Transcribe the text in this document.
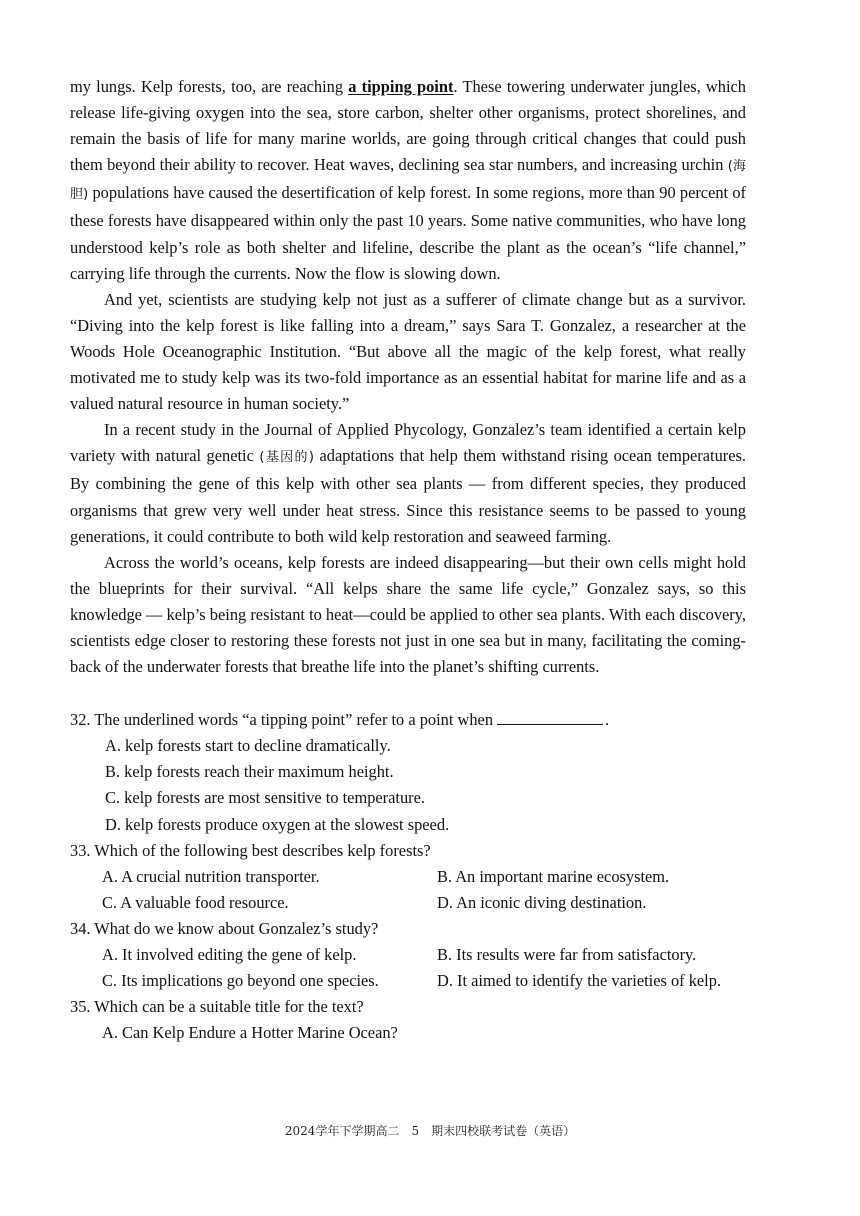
my lungs. Kelp forests, too, are reaching a tipping point. These towering underwater jungles, which release life-giving oxygen into the sea, store carbon, shelter other organisms, protect shorelines, and remain the basis of life for many marine worlds, are going through critical changes that could push them beyond their ability to recover. Heat waves, declining sea star numbers, and increasing urchin (海胆) populations have caused the desertification of kelp forest. In some regions, more than 90 percent of these forests have disappeared within only the past 10 years. Some native communities, who have long understood kelp’s role as both shelter and lifeline, describe the plant as the ocean’s “life channel,” carrying life through the currents. Now the flow is slowing down.

And yet, scientists are studying kelp not just as a sufferer of climate change but as a survivor. “Diving into the kelp forest is like falling into a dream,” says Sara T. Gonzalez, a researcher at the Woods Hole Oceanographic Institution. “But above all the magic of the kelp forest, what really motivated me to study kelp was its two-fold importance as an essential habitat for marine life and as a valued natural resource in human society.”

In a recent study in the Journal of Applied Phycology, Gonzalez’s team identified a certain kelp variety with natural genetic (基因的) adaptations that help them withstand rising ocean temperatures. By combining the gene of this kelp with other sea plants — from different species, they produced organisms that grew very well under heat stress. Since this resistance seems to be passed to young generations, it could contribute to both wild kelp restoration and seaweed farming.

Across the world’s oceans, kelp forests are indeed disappearing—but their own cells might hold the blueprints for their survival. “All kelps share the same life cycle,” Gonzalez says, so this knowledge — kelp’s being resistant to heat—could be applied to other sea plants. With each discovery, scientists edge closer to restoring these forests not just in one sea but in many, facilitating the coming-back of the underwater forests that breathe life into the planet’s shifting currents.

32. The underlined words “a tipping point” refer to a point when	.

A. kelp forests start to decline dramatically.

B. kelp forests reach their maximum height.

C. kelp forests are most sensitive to temperature.

D. kelp forests produce oxygen at the slowest speed.

33. Which of the following best describes kelp forests?

A. A crucial nutrition transporter.	B. An important marine ecosystem.
C. A valuable food resource.	D. An iconic diving destination.

34. What do we know about Gonzalez’s study?

A. It involved editing the gene of kelp.	B. Its results were far from satisfactory.
C. Its implications go beyond one species.	D. It aimed to identify the varieties of kelp.

35. Which can be a suitable title for the text?

A. Can Kelp Endure a Hotter Marine Ocean?
2024学年下学期高二　5　期末四校联考试卷（英语）
